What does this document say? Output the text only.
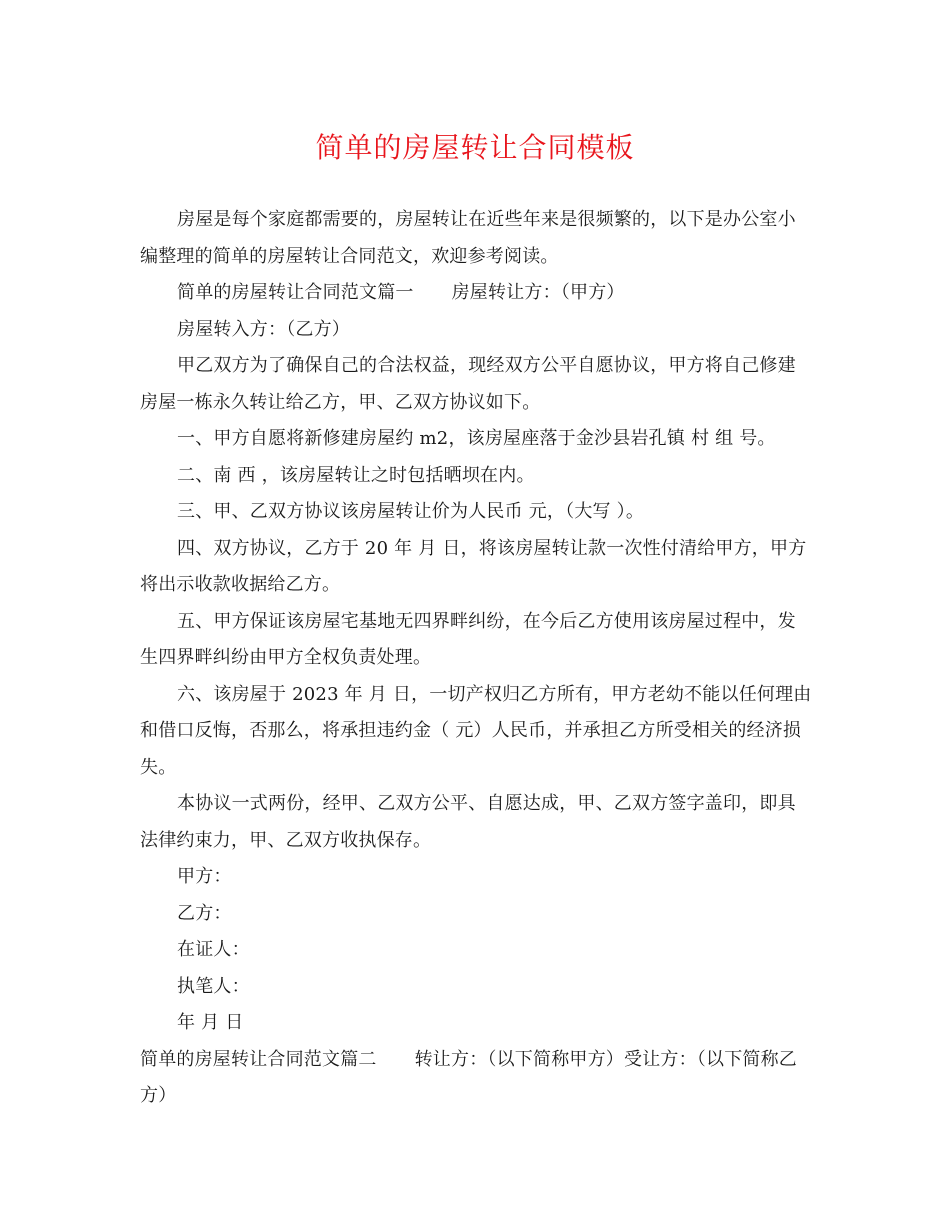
简单的房屋转让合同模板

房屋是每个家庭都需要的，房屋转让在近些年来是很频繁的，以下是办公室小编整理的简单的房屋转让合同范文，欢迎参考阅读。

简单的房屋转让合同范文篇一 房屋转让方：（甲方）

房屋转入方：（乙方）

甲乙双方为了确保自己的合法权益，现经双方公平自愿协议，甲方将自己修建房屋一栋永久转让给乙方，甲、乙双方协议如下。

一、甲方自愿将新修建房屋约 m2，该房屋座落于金沙县岩孔镇 村 组 号。

二、南 西 ，该房屋转让之时包括晒坝在内。

三、甲、乙双方协议该房屋转让价为人民币 元，（大写 ）。

四、双方协议，乙方于 20 年 月 日，将该房屋转让款一次性付清给甲方，甲方将出示收款收据给乙方。

五、甲方保证该房屋宅基地无四界畔纠纷，在今后乙方使用该房屋过程中，发生四界畔纠纷由甲方全权负责处理。

六、该房屋于 2023 年 月 日，一切产权归乙方所有，甲方老幼不能以任何理由和借口反悔，否那么，将承担违约金（ 元）人民币，并承担乙方所受相关的经济损失。

本协议一式两份，经甲、乙双方公平、自愿达成，甲、乙双方签字盖印，即具法律约束力，甲、乙双方收执保存。

甲方：

乙方：

在证人：

执笔人：

年 月 日

简单的房屋转让合同范文篇二 转让方：（以下简称甲方）受让方：（以下简称乙方）
